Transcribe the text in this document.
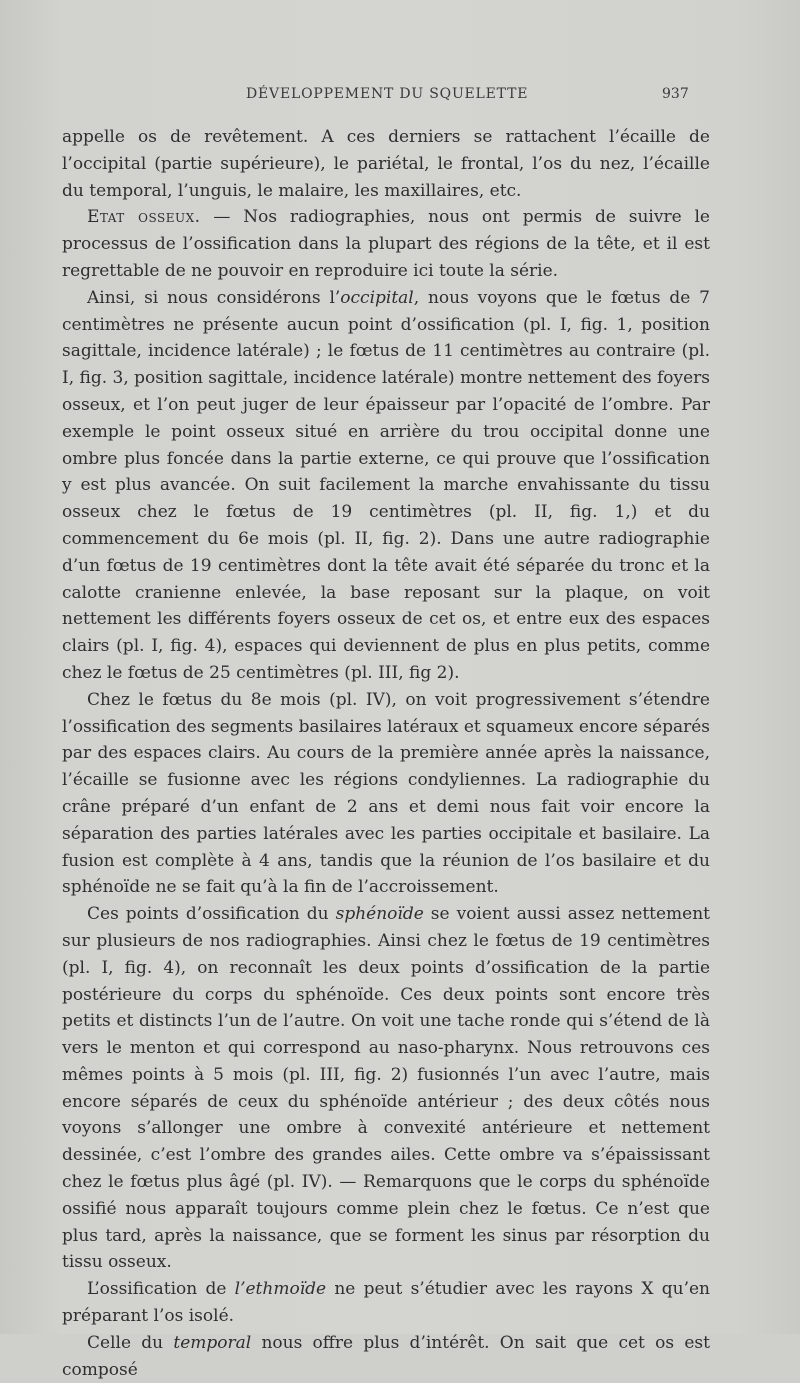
DÉVELOPPEMENT DU SQUELETTE	937

appelle os de revêtement. A ces derniers se rattachent l’écaille de l’occipital (partie supérieure), le pariétal, le frontal, l’os du nez, l’écaille du temporal, l’unguis, le malaire, les maxillaires, etc.

Etat osseux. — Nos radiographies, nous ont permis de suivre le processus de l’ossification dans la plupart des régions de la tête, et il est regrettable de ne pouvoir en reproduire ici toute la série.

Ainsi, si nous considérons l’occipital, nous voyons que le fœtus de 7 centimètres ne présente aucun point d’ossification (pl. I, fig. 1, position sagittale, incidence latérale) ; le fœtus de 11 centimètres au contraire (pl. I, fig. 3, position sagittale, incidence latérale) montre nettement des foyers osseux, et l’on peut juger de leur épaisseur par l’opacité de l’ombre. Par exemple le point osseux situé en arrière du trou occipital donne une ombre plus foncée dans la partie externe, ce qui prouve que l’ossification y est plus avancée. On suit facilement la marche envahissante du tissu osseux chez le fœtus de 19 centimètres (pl. II, fig. 1,) et du commencement du 6e mois (pl. II, fig. 2). Dans une autre radiographie d’un fœtus de 19 centimètres dont la tête avait été séparée du tronc et la calotte cranienne enlevée, la base reposant sur la plaque, on voit nettement les différents foyers osseux de cet os, et entre eux des espaces clairs (pl. I, fig. 4), espaces qui deviennent de plus en plus petits, comme chez le fœtus de 25 centimètres (pl. III, fig 2).

Chez le fœtus du 8e mois (pl. IV), on voit progressivement s’étendre l’ossification des segments basilaires latéraux et squameux encore séparés par des espaces clairs. Au cours de la première année après la naissance, l’écaille se fusionne avec les régions condyliennes. La radiographie du crâne préparé d’un enfant de 2 ans et demi nous fait voir encore la séparation des parties latérales avec les parties occipitale et basilaire. La fusion est complète à 4 ans, tandis que la réunion de l’os basilaire et du sphénoïde ne se fait qu’à la fin de l’accroissement.

Ces points d’ossification du sphénoïde se voient aussi assez nettement sur plusieurs de nos radiographies. Ainsi chez le fœtus de 19 centimètres (pl. I, fig. 4), on reconnaît les deux points d’ossification de la partie postérieure du corps du sphénoïde. Ces deux points sont encore très petits et distincts l’un de l’autre. On voit une tache ronde qui s’étend de là vers le menton et qui correspond au naso-pharynx. Nous retrouvons ces mêmes points à 5 mois (pl. III, fig. 2) fusionnés l’un avec l’autre, mais encore séparés de ceux du sphénoïde antérieur ; des deux côtés nous voyons s’allonger une ombre à convexité antérieure et nettement dessinée, c’est l’ombre des grandes ailes. Cette ombre va s’épaississant chez le fœtus plus âgé (pl. IV). — Remarquons que le corps du sphénoïde ossifié nous apparaît toujours comme plein chez le fœtus. Ce n’est que plus tard, après la naissance, que se forment les sinus par résorption du tissu osseux.

L’ossification de l’ethmoïde ne peut s’étudier avec les rayons X qu’en préparant l’os isolé.

Celle du temporal nous offre plus d’intérêt. On sait que cet os est composé
